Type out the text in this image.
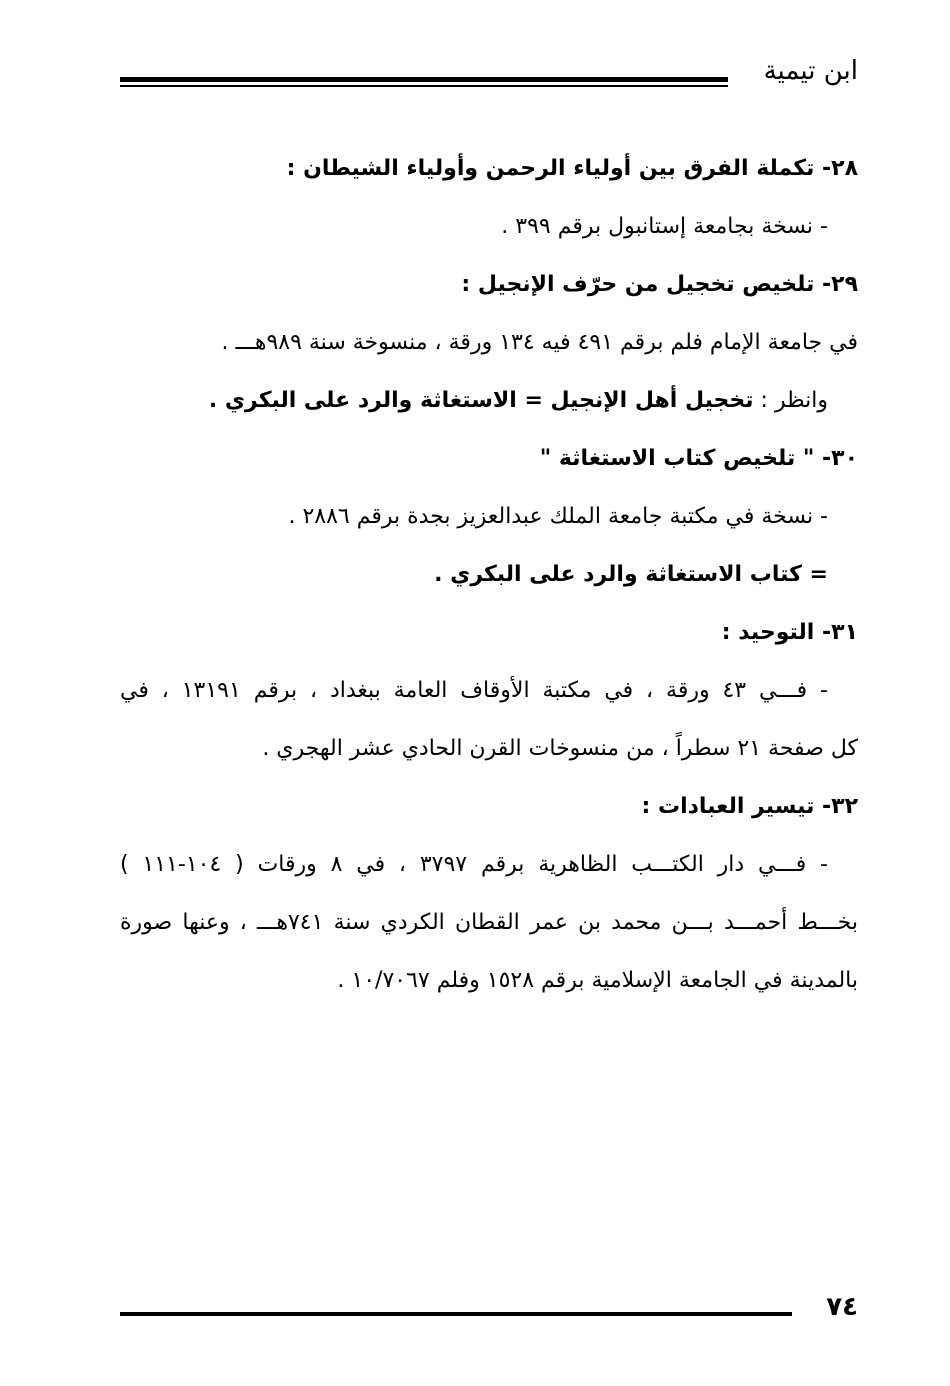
ابن تيمية
٢٨- تكملة الفرق بين أولياء الرحمن وأولياء الشيطان :
- نسخة بجامعة إستانبول برقم ٣٩٩ .
٢٩- تلخيص تخجيل من حرّف الإنجيل :
في جامعة الإمام فلم برقم ٤٩١ فيه ١٣٤ ورقة ، منسوخة سنة ٩٨٩هـــ .
وانظر : تخجيل أهل الإنجيل = الاستغاثة والرد على البكري .
٣٠- " تلخيص كتاب الاستغاثة "
- نسخة في مكتبة جامعة الملك عبدالعزيز بجدة برقم ٢٨٨٦ .
= كتاب الاستغاثة والرد على البكري .
٣١- التوحيد :
- فـــي ٤٣ ورقة ، في مكتبة الأوقاف العامة ببغداد ، برقم ١٣١٩١ ، في
كل صفحة ٢١ سطراً ، من منسوخات القرن الحادي عشر الهجري .
٣٢- تيسير العبادات :
- فـــي دار الكتـــب الظاهرية برقم ٣٧٩٧ ، في ٨ ورقات ( ١٠٤-١١١ )
بخـــط أحمـــد بـــن محمد بن عمر القطان الكردي سنة ٧٤١هـــ ، وعنها صورة
بالمدينة في الجامعة الإسلامية برقم ١٥٢٨ وفلم ١٠/٧٠٦٧ .
٧٤
